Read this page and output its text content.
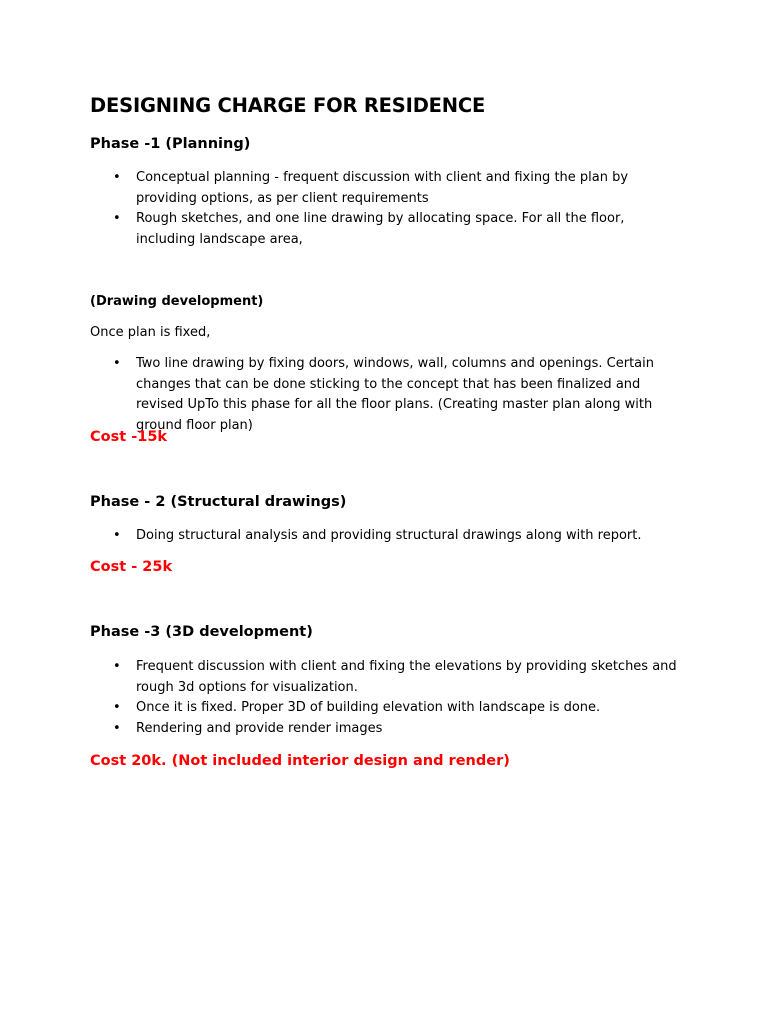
DESIGNING CHARGE FOR RESIDENCE
Phase -1 (Planning)
• Conceptual planning - frequent discussion with client and fixing the plan by providing options, as per client requirements
• Rough sketches, and one line drawing by allocating space. For all the floor, including landscape area,
(Drawing development)
Once plan is fixed,
• Two line drawing by fixing doors, windows, wall, columns and openings. Certain changes that can be done sticking to the concept that has been finalized and revised UpTo this phase for all the floor plans. (Creating master plan along with ground floor plan)
Cost -15k
Phase - 2 (Structural drawings)
• Doing structural analysis and providing structural drawings along with report.
Cost - 25k
Phase -3 (3D development)
• Frequent discussion with client and fixing the elevations by providing sketches and rough 3d options for visualization.
• Once it is fixed. Proper 3D of building elevation with landscape is done.
• Rendering and provide render images
Cost 20k. (Not included interior design and render)
